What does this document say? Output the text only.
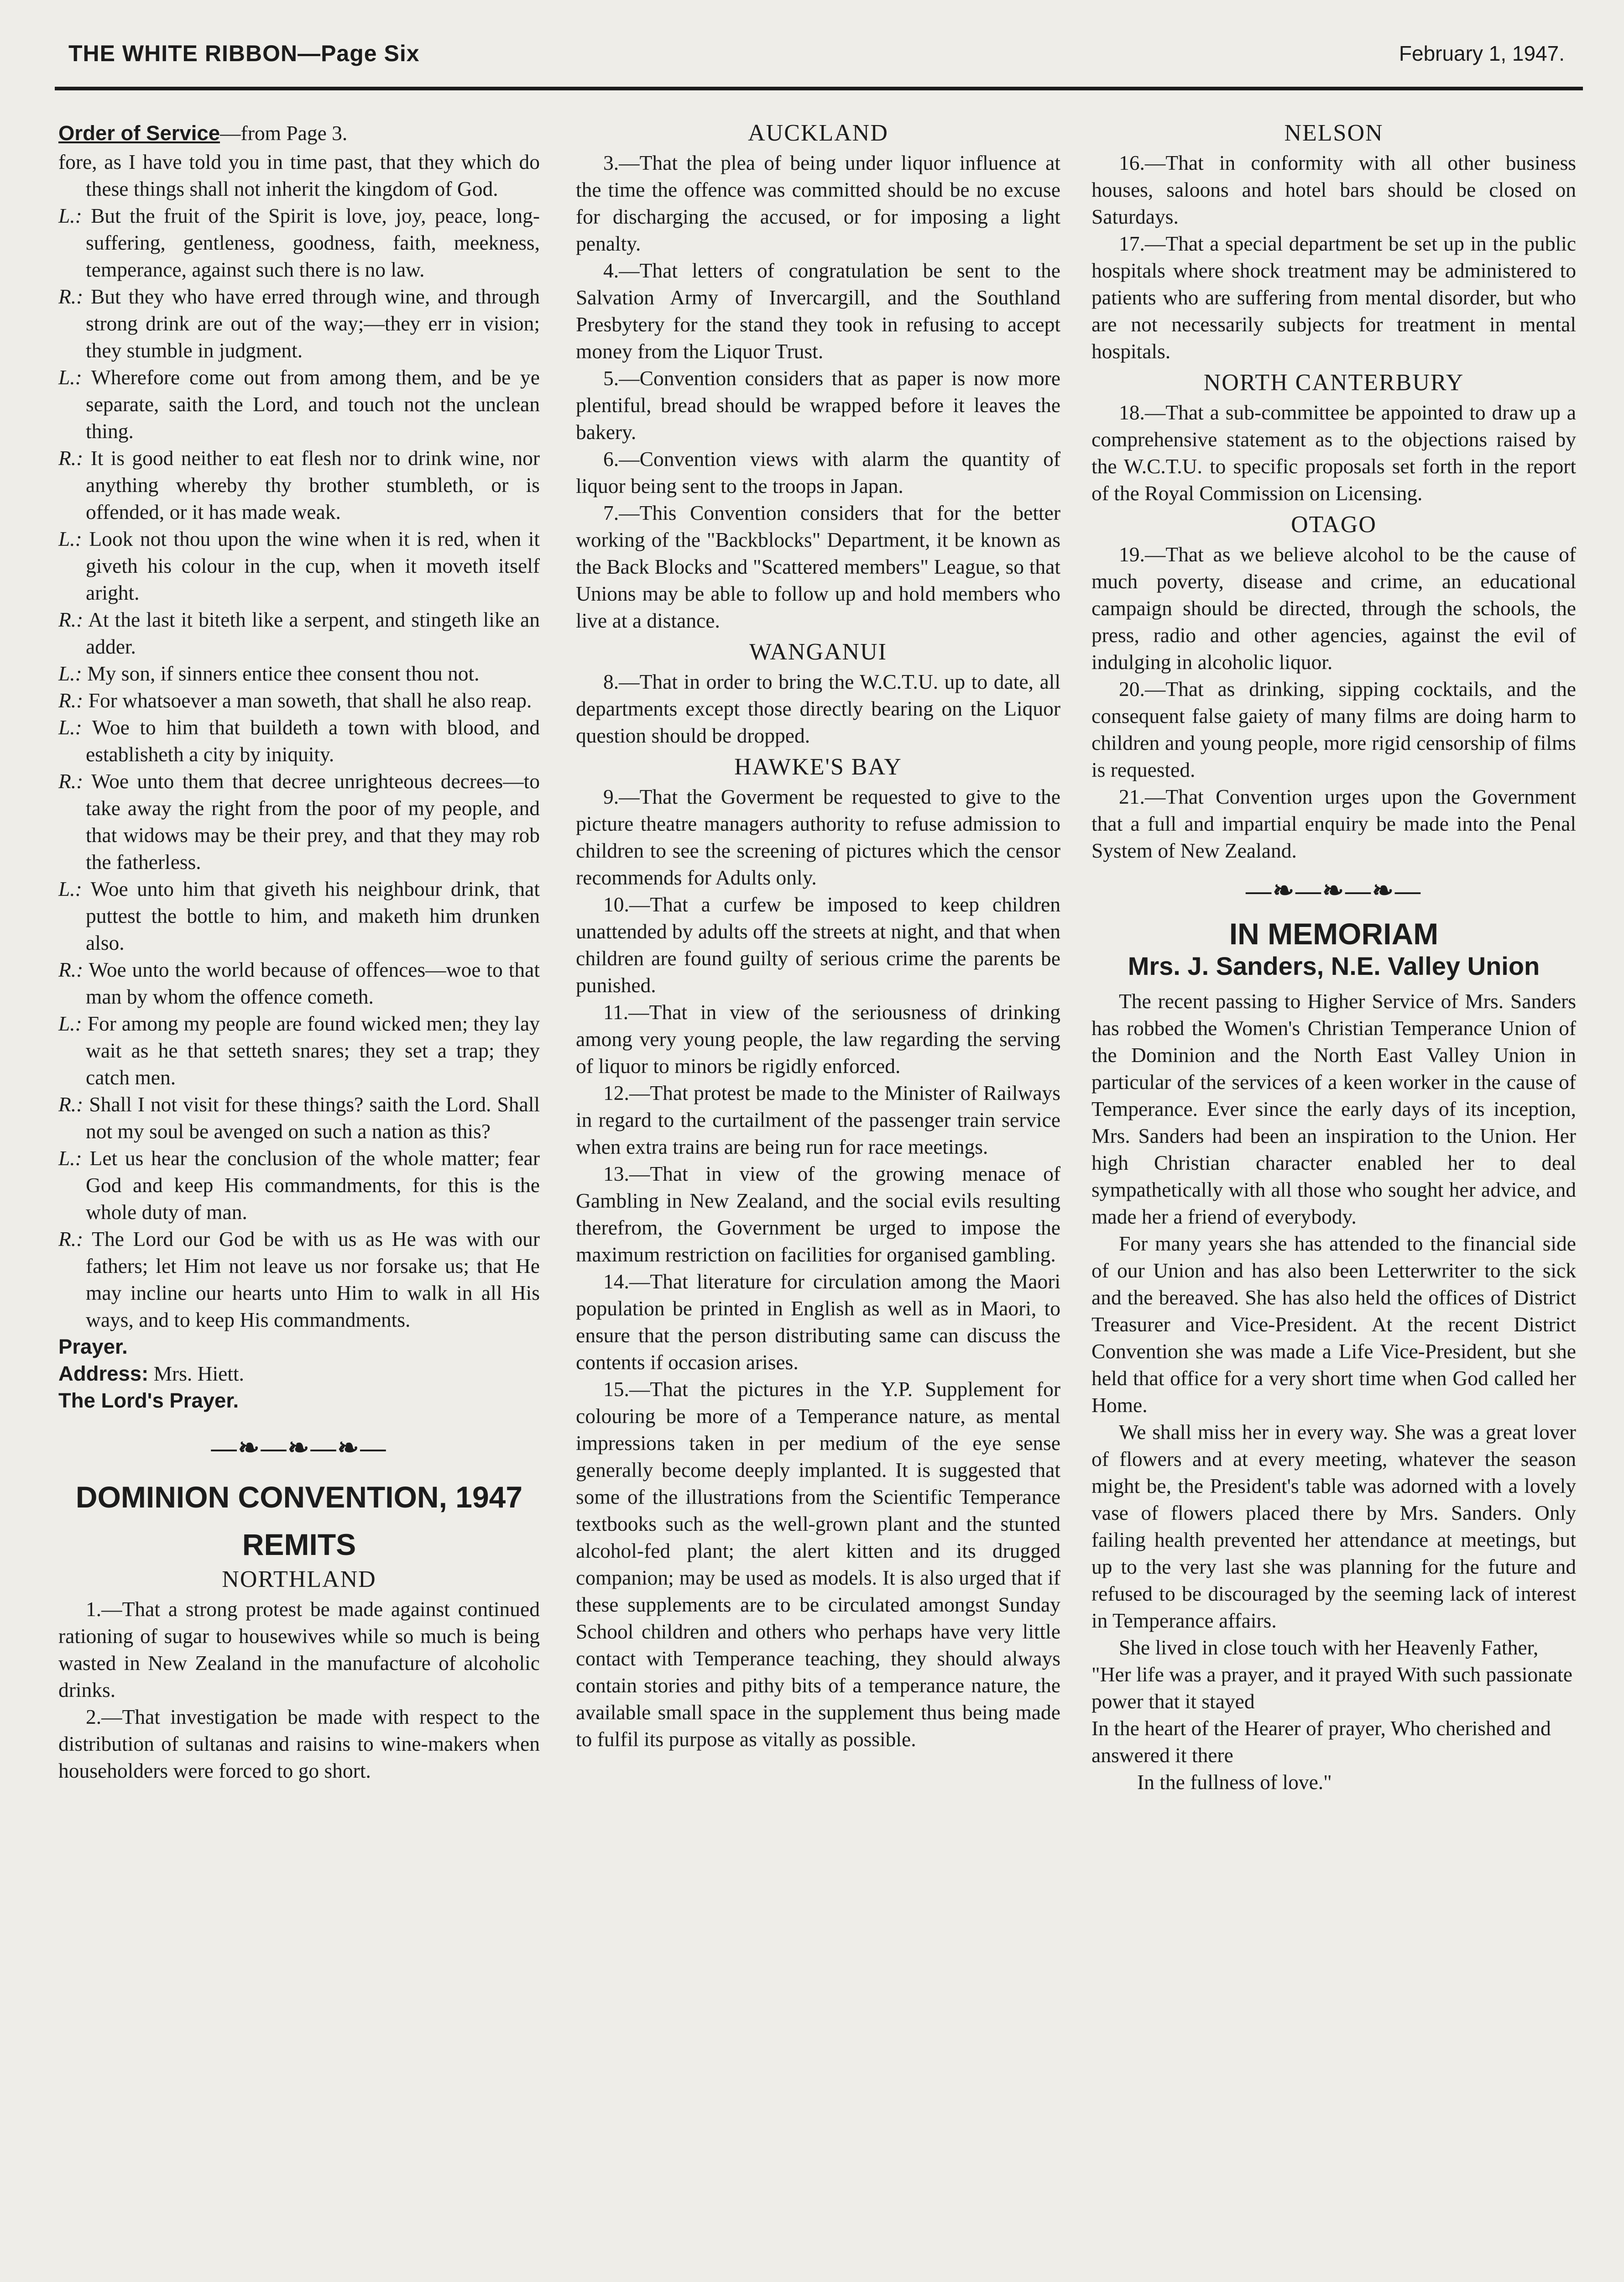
THE WHITE RIBBON—Page Six	February 1, 1947.

Order of Service—from Page 3.

fore, as I have told you in time past, that they which do these things shall not inherit the kingdom of God.

L.: But the fruit of the Spirit is love, joy, peace, long-suffering, gentleness, goodness, faith, meekness, temperance, against such there is no law.

R.: But they who have erred through wine, and through strong drink are out of the way;—they err in vision; they stumble in judgment.

L.: Wherefore come out from among them, and be ye separate, saith the Lord, and touch not the unclean thing.

R.: It is good neither to eat flesh nor to drink wine, nor anything whereby thy brother stumbleth, or is offended, or it has made weak.

L.: Look not thou upon the wine when it is red, when it giveth his colour in the cup, when it moveth itself aright.

R.: At the last it biteth like a serpent, and stingeth like an adder.

L.: My son, if sinners entice thee consent thou not.

R.: For whatsoever a man soweth, that shall he also reap.

L.: Woe to him that buildeth a town with blood, and establisheth a city by iniquity.

R.: Woe unto them that decree unrighteous decrees—to take away the right from the poor of my people, and that widows may be their prey, and that they may rob the fatherless.

L.: Woe unto him that giveth his neighbour drink, that puttest the bottle to him, and maketh him drunken also.

R.: Woe unto the world because of offences—woe to that man by whom the offence cometh.

L.: For among my people are found wicked men; they lay wait as he that setteth snares; they set a trap; they catch men.

R.: Shall I not visit for these things? saith the Lord. Shall not my soul be avenged on such a nation as this?

L.: Let us hear the conclusion of the whole matter; fear God and keep His commandments, for this is the whole duty of man.

R.: The Lord our God be with us as He was with our fathers; let Him not leave us nor forsake us; that He may incline our hearts unto Him to walk in all His ways, and to keep His commandments.

Prayer.

Address: Mrs. Hiett.

The Lord's Prayer.

—❧—❧—❧—
DOMINION CONVENTION, 1947
REMITS
NORTHLAND

1.—That a strong protest be made against continued rationing of sugar to housewives while so much is being wasted in New Zealand in the manufacture of alcoholic drinks.

2.—That investigation be made with respect to the distribution of sultanas and raisins to wine-makers when householders were forced to go short.

AUCKLAND

3.—That the plea of being under liquor influence at the time the offence was committed should be no excuse for discharging the accused, or for imposing a light penalty.

4.—That letters of congratulation be sent to the Salvation Army of Invercargill, and the Southland Presbytery for the stand they took in refusing to accept money from the Liquor Trust.

5.—Convention considers that as paper is now more plentiful, bread should be wrapped before it leaves the bakery.

6.—Convention views with alarm the quantity of liquor being sent to the troops in Japan.

7.—This Convention considers that for the better working of the "Backblocks" Department, it be known as the Back Blocks and "Scattered members" League, so that Unions may be able to follow up and hold members who live at a distance.

WANGANUI

8.—That in order to bring the W.C.T.U. up to date, all departments except those directly bearing on the Liquor question should be dropped.

HAWKE'S BAY

9.—That the Goverment be requested to give to the picture theatre managers authority to refuse admission to children to see the screening of pictures which the censor recommends for Adults only.

10.—That a curfew be imposed to keep children unattended by adults off the streets at night, and that when children are found guilty of serious crime the parents be punished.

11.—That in view of the seriousness of drinking among very young people, the law regarding the serving of liquor to minors be rigidly enforced.

12.—That protest be made to the Minister of Railways in regard to the curtailment of the passenger train service when extra trains are being run for race meetings.

13.—That in view of the growing menace of Gambling in New Zealand, and the social evils resulting therefrom, the Government be urged to impose the maximum restriction on facilities for organised gambling.

14.—That literature for circulation among the Maori population be printed in English as well as in Maori, to ensure that the person distributing same can discuss the contents if occasion arises.

15.—That the pictures in the Y.P. Supplement for colouring be more of a Temperance nature, as mental impressions taken in per medium of the eye sense generally become deeply implanted. It is suggested that some of the illustrations from the Scientific Temperance textbooks such as the well-grown plant and the stunted alcohol-fed plant; the alert kitten and its drugged companion; may be used as models. It is also urged that if these supplements are to be circulated amongst Sunday School children and others who perhaps have very little contact with Temperance teaching, they should always contain stories and pithy bits of a temperance nature, the available small space in the supplement thus being made to fulfil its purpose as vitally as possible.

NELSON

16.—That in conformity with all other business houses, saloons and hotel bars should be closed on Saturdays.

17.—That a special department be set up in the public hospitals where shock treatment may be administered to patients who are suffering from mental disorder, but who are not necessarily subjects for treatment in mental hospitals.

NORTH CANTERBURY

18.—That a sub-committee be appointed to draw up a comprehensive statement as to the objections raised by the W.C.T.U. to specific proposals set forth in the report of the Royal Commission on Licensing.

OTAGO

19.—That as we believe alcohol to be the cause of much poverty, disease and crime, an educational campaign should be directed, through the schools, the press, radio and other agencies, against the evil of indulging in alcoholic liquor.

20.—That as drinking, sipping cocktails, and the consequent false gaiety of many films are doing harm to children and young people, more rigid censorship of films is requested.

21.—That Convention urges upon the Government that a full and impartial enquiry be made into the Penal System of New Zealand.

—❧—❧—❧—
IN MEMORIAM
Mrs. J. Sanders, N.E. Valley Union

The recent passing to Higher Service of Mrs. Sanders has robbed the Women's Christian Temperance Union of the Dominion and the North East Valley Union in particular of the services of a keen worker in the cause of Temperance. Ever since the early days of its inception, Mrs. Sanders had been an inspiration to the Union. Her high Christian character enabled her to deal sympathetically with all those who sought her advice, and made her a friend of everybody.

For many years she has attended to the financial side of our Union and has also been Letterwriter to the sick and the bereaved. She has also held the offices of District Treasurer and Vice-President. At the recent District Convention she was made a Life Vice-President, but she held that office for a very short time when God called her Home.

We shall miss her in every way. She was a great lover of flowers and at every meeting, whatever the season might be, the President's table was adorned with a lovely vase of flowers placed there by Mrs. Sanders. Only failing health prevented her attendance at meetings, but up to the very last she was planning for the future and refused to be discouraged by the seeming lack of interest in Temperance affairs.

She lived in close touch with her Heavenly Father,

"Her life was a prayer, and it prayed With such passionate power that it stayed

In the heart of the Hearer of prayer, Who cherished and answered it there

In the fullness of love."
